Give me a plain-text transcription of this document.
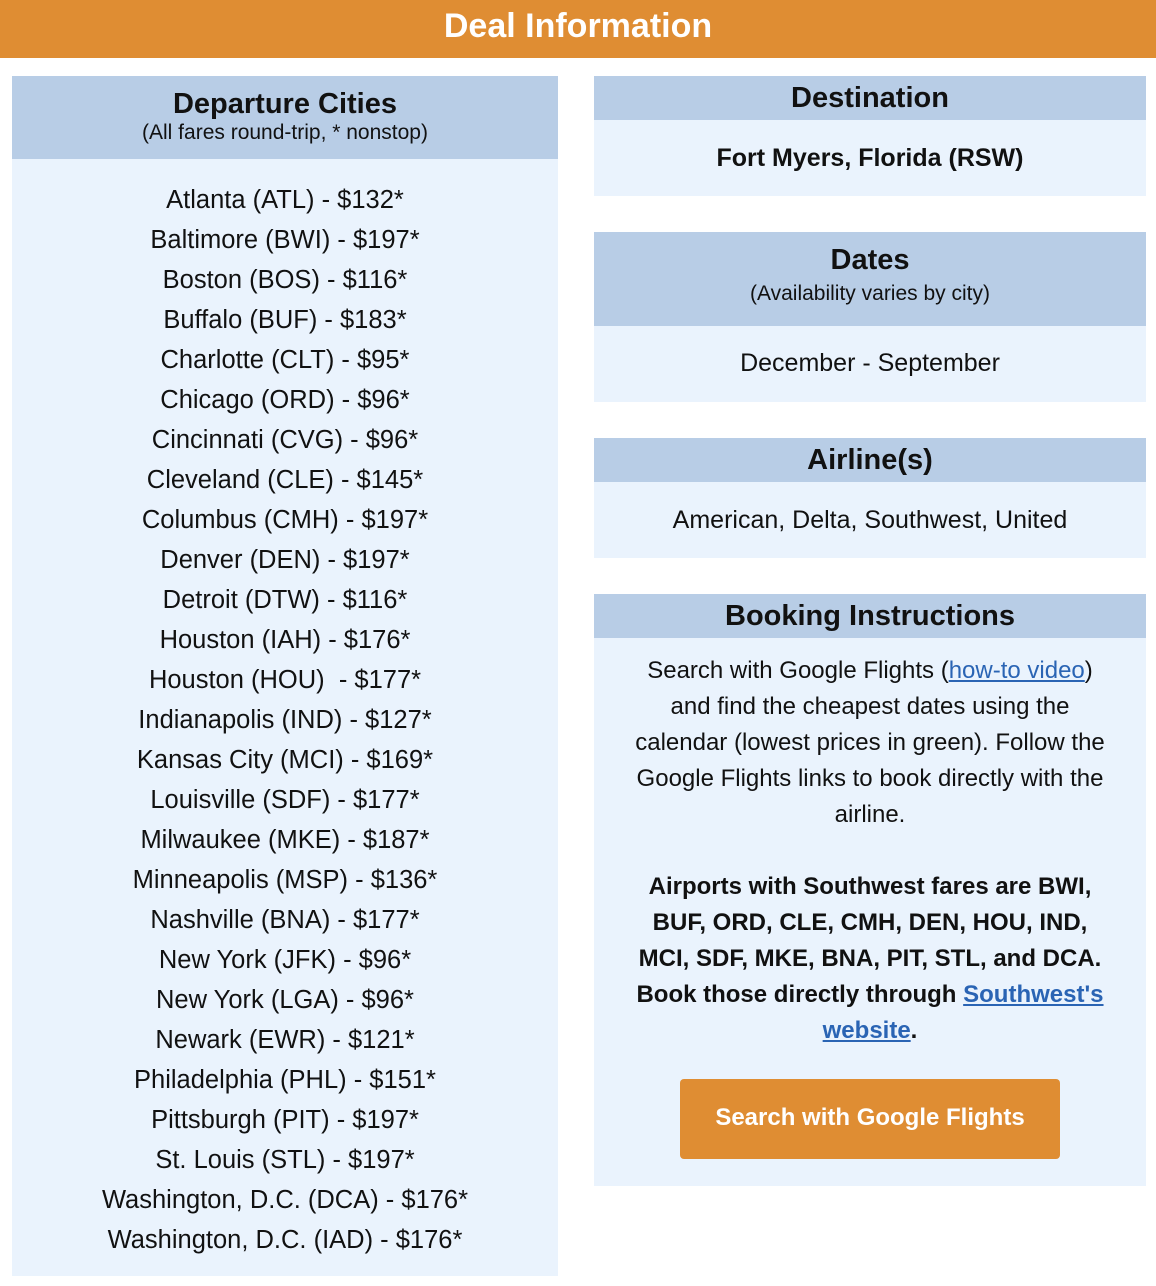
Deal Information
Departure Cities
(All fares round-trip, * nonstop)
Atlanta (ATL) - $132*
Baltimore (BWI) - $197*
Boston (BOS) - $116*
Buffalo (BUF) - $183*
Charlotte (CLT) - $95*
Chicago (ORD) - $96*
Cincinnati (CVG) - $96*
Cleveland (CLE) - $145*
Columbus (CMH) - $197*
Denver (DEN) - $197*
Detroit (DTW) - $116*
Houston (IAH) - $176*
Houston (HOU)  - $177*
Indianapolis (IND) - $127*
Kansas City (MCI) - $169*
Louisville (SDF) - $177*
Milwaukee (MKE) - $187*
Minneapolis (MSP) - $136*
Nashville (BNA) - $177*
New York (JFK) - $96*
New York (LGA) - $96*
Newark (EWR) - $121*
Philadelphia (PHL) - $151*
Pittsburgh (PIT) - $197*
St. Louis (STL) - $197*
Washington, D.C. (DCA) - $176*
Washington, D.C. (IAD) - $176*
Destination
Fort Myers, Florida (RSW)
Dates
(Availability varies by city)
December - September
Airline(s)
American, Delta, Southwest, United
Booking Instructions
Search with Google Flights (how-to video) and find the cheapest dates using the calendar (lowest prices in green). Follow the Google Flights links to book directly with the airline.
Airports with Southwest fares are BWI, BUF, ORD, CLE, CMH, DEN, HOU, IND, MCI, SDF, MKE, BNA, PIT, STL, and DCA. Book those directly through Southwest's website.
Search with Google Flights
